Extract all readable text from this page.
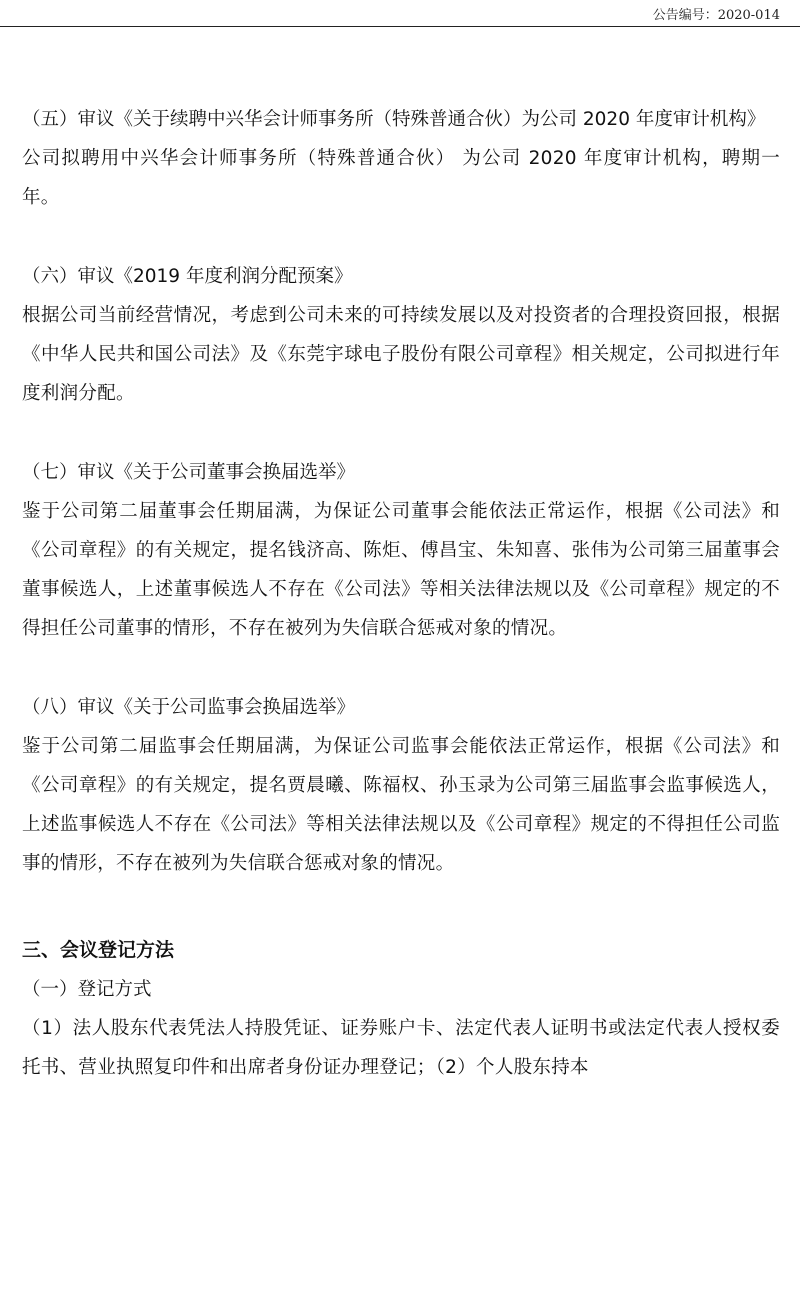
公告编号：2020-014

（五）审议《关于续聘中兴华会计师事务所（特殊普通合伙）为公司 2020 年度审计机构》

公司拟聘用中兴华会计师事务所（特殊普通合伙） 为公司 2020 年度审计机构，聘期一年。

（六）审议《2019 年度利润分配预案》

根据公司当前经营情况，考虑到公司未来的可持续发展以及对投资者的合理投资回报，根据《中华人民共和国公司法》及《东莞宇球电子股份有限公司章程》相关规定，公司拟进行年度利润分配。

（七）审议《关于公司董事会换届选举》

鉴于公司第二届董事会任期届满，为保证公司董事会能依法正常运作，根据《公司法》和《公司章程》的有关规定，提名钱济高、陈炬、傅昌宝、朱知喜、张伟为公司第三届董事会董事候选人，上述董事候选人不存在《公司法》等相关法律法规以及《公司章程》规定的不得担任公司董事的情形，不存在被列为失信联合惩戒对象的情况。

（八）审议《关于公司监事会换届选举》

鉴于公司第二届监事会任期届满，为保证公司监事会能依法正常运作，根据《公司法》和《公司章程》的有关规定，提名贾晨曦、陈福权、孙玉录为公司第三届监事会监事候选人，上述监事候选人不存在《公司法》等相关法律法规以及《公司章程》规定的不得担任公司监事的情形，不存在被列为失信联合惩戒对象的情况。

三、会议登记方法

（一）登记方式

（1）法人股东代表凭法人持股凭证、证券账户卡、法定代表人证明书或法定代表人授权委托书、营业执照复印件和出席者身份证办理登记；（2）个人股东持本
